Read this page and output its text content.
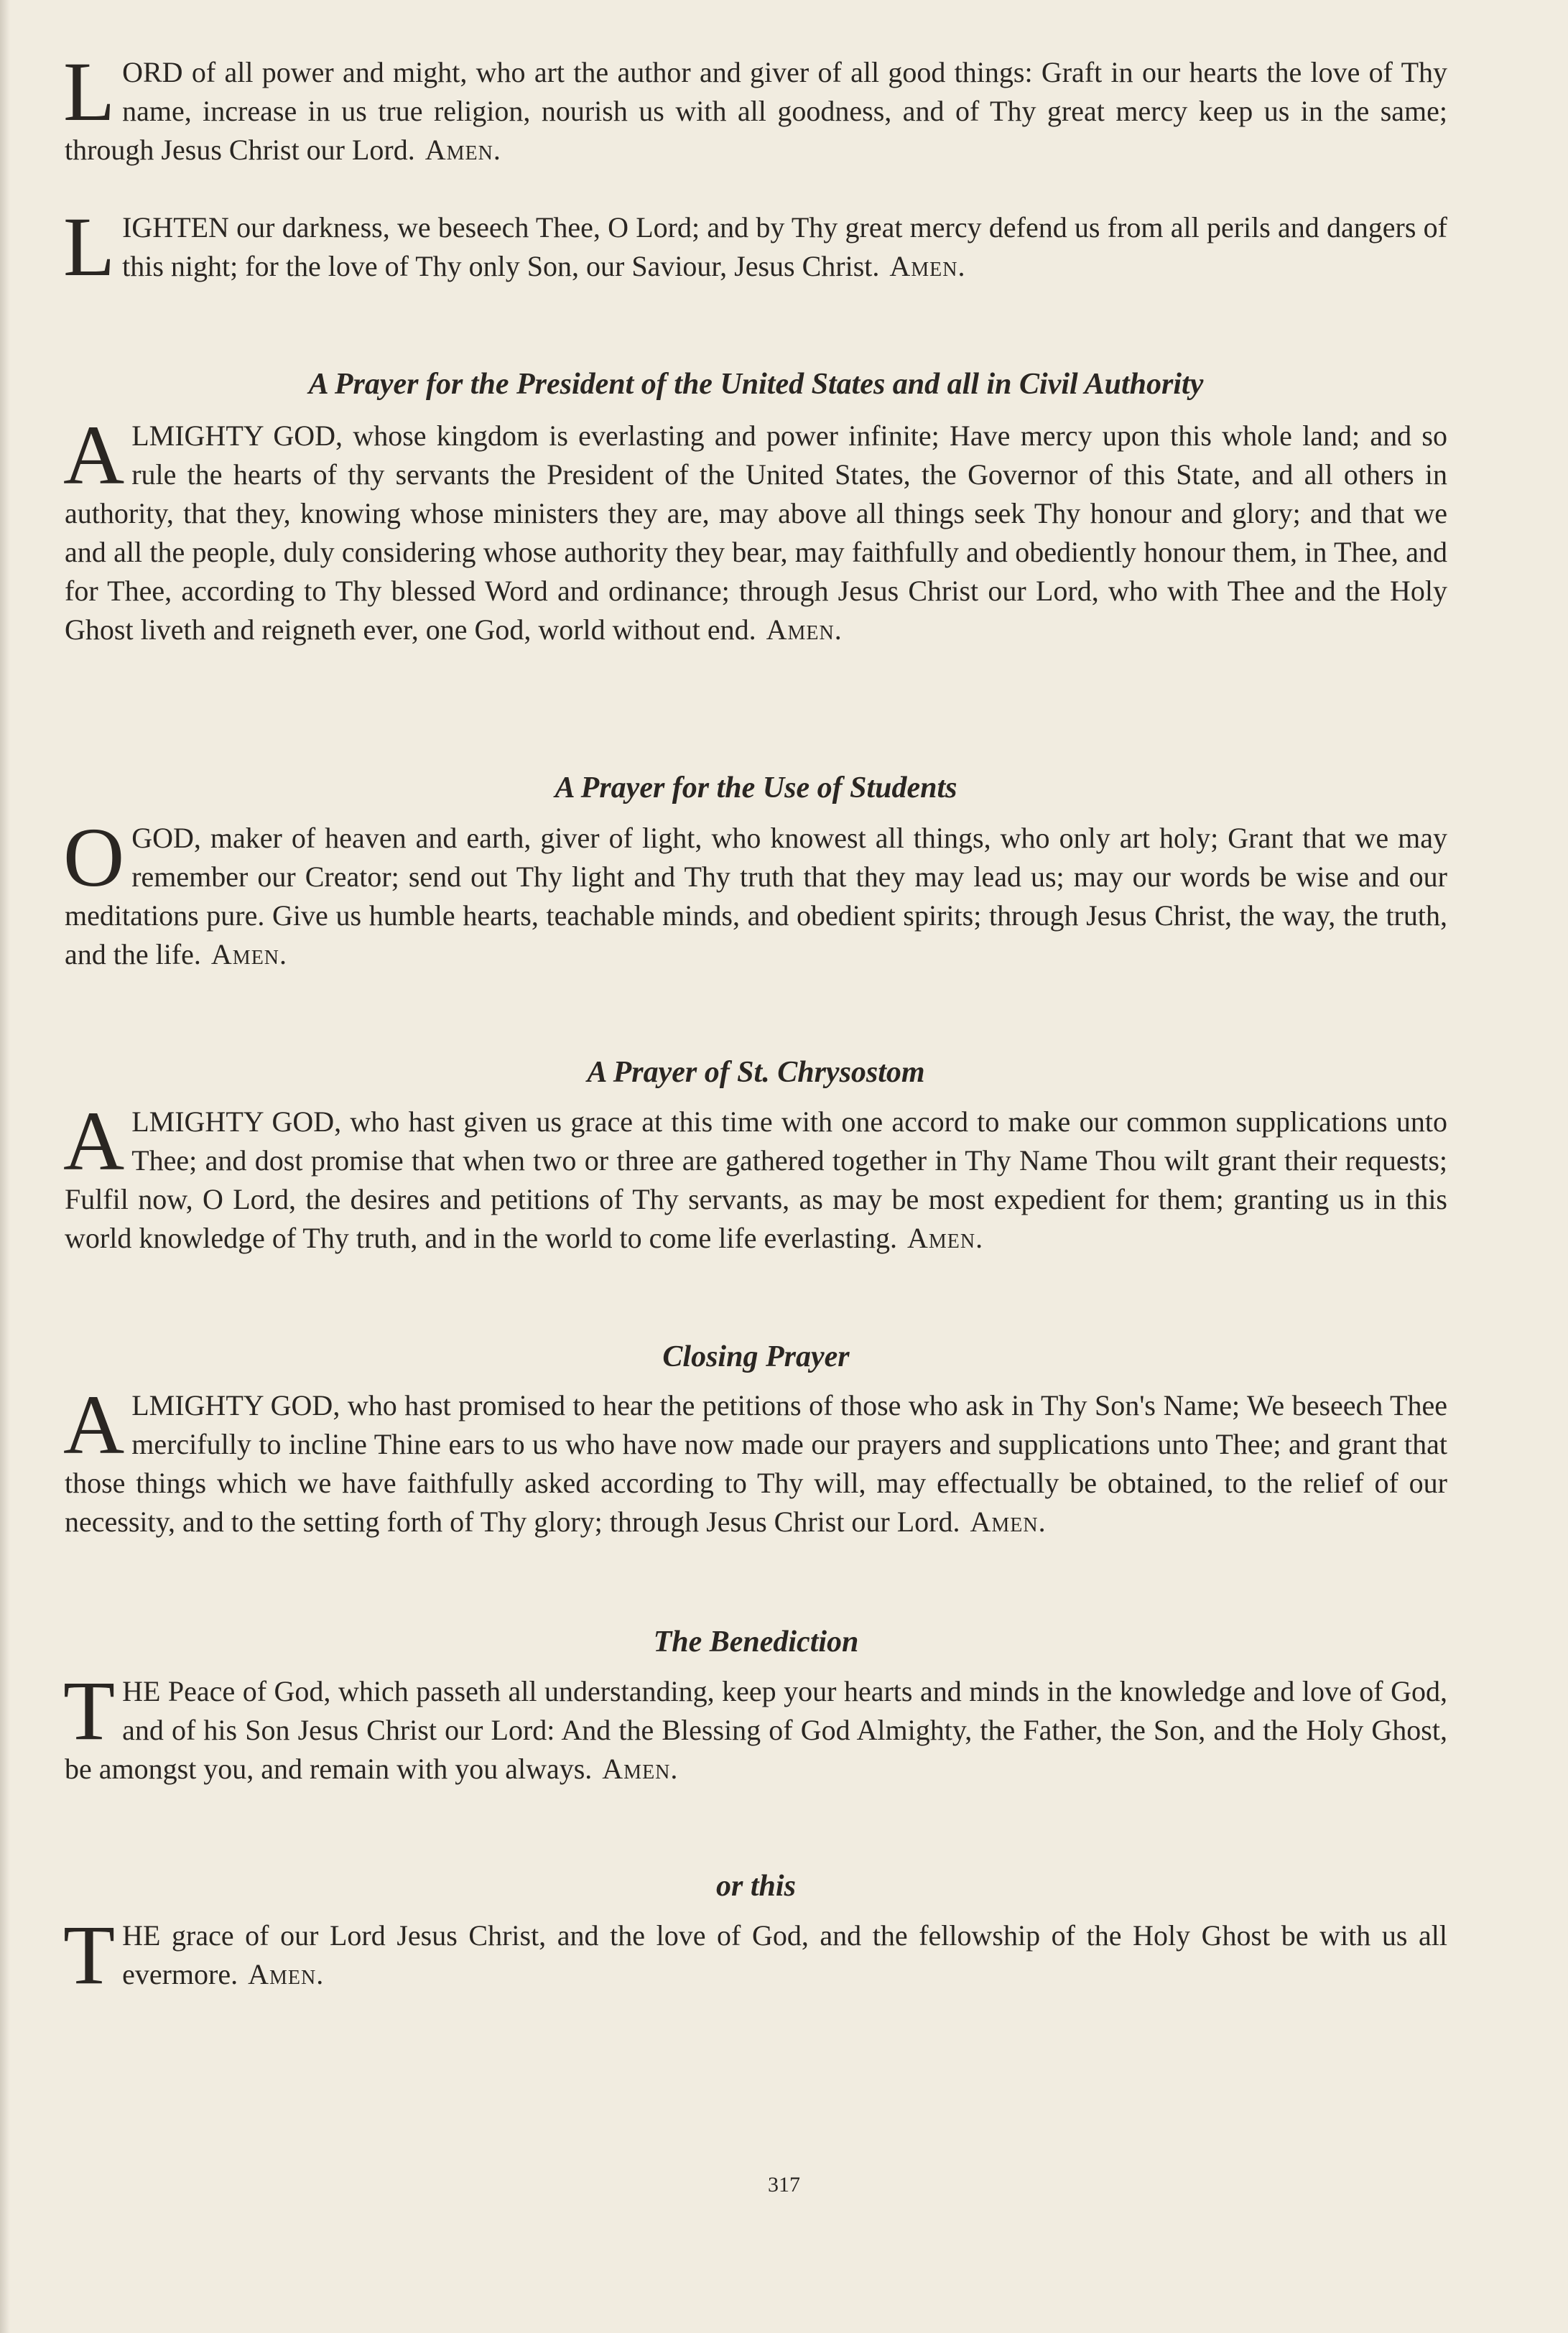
LORD of all power and might, who art the author and giver of all good things: Graft in our hearts the love of Thy name, increase in us true religion, nourish us with all goodness, and of Thy great mercy keep us in the same; through Jesus Christ our Lord. Amen.

LIGHTEN our darkness, we beseech Thee, O Lord; and by Thy great mercy defend us from all perils and dangers of this night; for the love of Thy only Son, our Saviour, Jesus Christ. Amen.

A Prayer for the President of the United States and all in Civil Authority

ALMIGHTY GOD, whose kingdom is everlasting and power infinite; Have mercy upon this whole land; and so rule the hearts of thy servants the President of the United States, the Governor of this State, and all others in authority, that they, knowing whose ministers they are, may above all things seek Thy honour and glory; and that we and all the people, duly considering whose authority they bear, may faithfully and obediently honour them, in Thee, and for Thee, according to Thy blessed Word and ordinance; through Jesus Christ our Lord, who with Thee and the Holy Ghost liveth and reigneth ever, one God, world without end. Amen.

A Prayer for the Use of Students

OGOD, maker of heaven and earth, giver of light, who knowest all things, who only art holy; Grant that we may remember our Creator; send out Thy light and Thy truth that they may lead us; may our words be wise and our meditations pure. Give us humble hearts, teachable minds, and obedient spirits; through Jesus Christ, the way, the truth, and the life. Amen.

A Prayer of St. Chrysostom

ALMIGHTY GOD, who hast given us grace at this time with one accord to make our common supplications unto Thee; and dost promise that when two or three are gathered together in Thy Name Thou wilt grant their requests; Fulfil now, O Lord, the desires and petitions of Thy servants, as may be most expedient for them; granting us in this world knowledge of Thy truth, and in the world to come life everlasting. Amen.

Closing Prayer

ALMIGHTY GOD, who hast promised to hear the petitions of those who ask in Thy Son's Name; We beseech Thee mercifully to incline Thine ears to us who have now made our prayers and supplications unto Thee; and grant that those things which we have faithfully asked according to Thy will, may effectually be obtained, to the relief of our necessity, and to the setting forth of Thy glory; through Jesus Christ our Lord. Amen.

The Benediction

THE Peace of God, which passeth all understanding, keep your hearts and minds in the knowledge and love of God, and of his Son Jesus Christ our Lord: And the Blessing of God Almighty, the Father, the Son, and the Holy Ghost, be amongst you, and remain with you always. Amen.

or this

THE grace of our Lord Jesus Christ, and the love of God, and the fellowship of the Holy Ghost be with us all evermore. Amen.

317
